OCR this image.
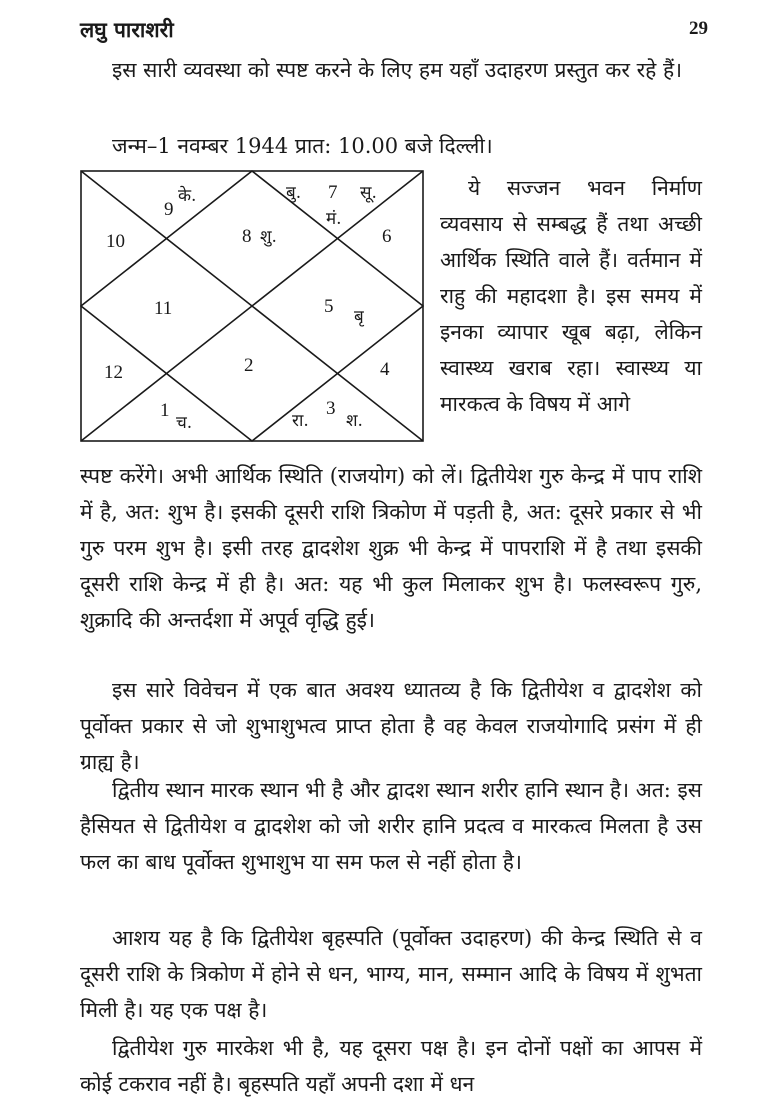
लघु पाराशरी	29

इस सारी व्यवस्था को स्पष्ट करने के लिए हम यहाँ उदाहरण प्रस्तुत कर रहे हैं।

जन्म–1 नवम्बर 1944 प्रात: 10.00 बजे दिल्ली।

8
9
10
11
12
1
2
3
4
5
6
7
के.	बु.	सू.
मं.
शु.
बृ
च.	रा. श.

ये सज्जन भवन निर्माण व्यवसाय से सम्बद्ध हैं तथा अच्छी आर्थिक स्थिति वाले हैं। वर्तमान में राहु की महादशा है। इस समय में इनका व्यापार खूब बढ़ा, लेकिन स्वास्थ्य खराब रहा। स्वास्थ्य या मारकत्व के विषय में आगे

स्पष्ट करेंगे। अभी आर्थिक स्थिति (राजयोग) को लें। द्वितीयेश गुरु केन्द्र में पाप राशि में है, अत: शुभ है। इसकी दूसरी राशि त्रिकोण में पड़ती है, अत: दूसरे प्रकार से भी गुरु परम शुभ है। इसी तरह द्वादशेश शुक्र भी केन्द्र में पापराशि में है तथा इसकी दूसरी राशि केन्द्र में ही है। अत: यह भी कुल मिलाकर शुभ है। फलस्वरूप गुरु, शुक्रादि की अन्तर्दशा में अपूर्व वृद्धि हुई।

इस सारे विवेचन में एक बात अवश्य ध्यातव्य है कि द्वितीयेश व द्वादशेश को पूर्वोक्त प्रकार से जो शुभाशुभत्व प्राप्त होता है वह केवल राजयोगादि प्रसंग में ही ग्राह्य है।

द्वितीय स्थान मारक स्थान भी है और द्वादश स्थान शरीर हानि स्थान है। अत: इस हैसियत से द्वितीयेश व द्वादशेश को जो शरीर हानि प्रदत्व व मारकत्व मिलता है उस फल का बाध पूर्वोक्त शुभाशुभ या सम फल से नहीं होता है।

आशय यह है कि द्वितीयेश बृहस्पति (पूर्वोक्त उदाहरण) की केन्द्र स्थिति से व दूसरी राशि के त्रिकोण में होने से धन, भाग्य, मान, सम्मान आदि के विषय में शुभता मिली है। यह एक पक्ष है।

द्वितीयेश गुरु मारकेश भी है, यह दूसरा पक्ष है। इन दोनों पक्षों का आपस में कोई टकराव नहीं है। बृहस्पति यहाँ अपनी दशा में धन
